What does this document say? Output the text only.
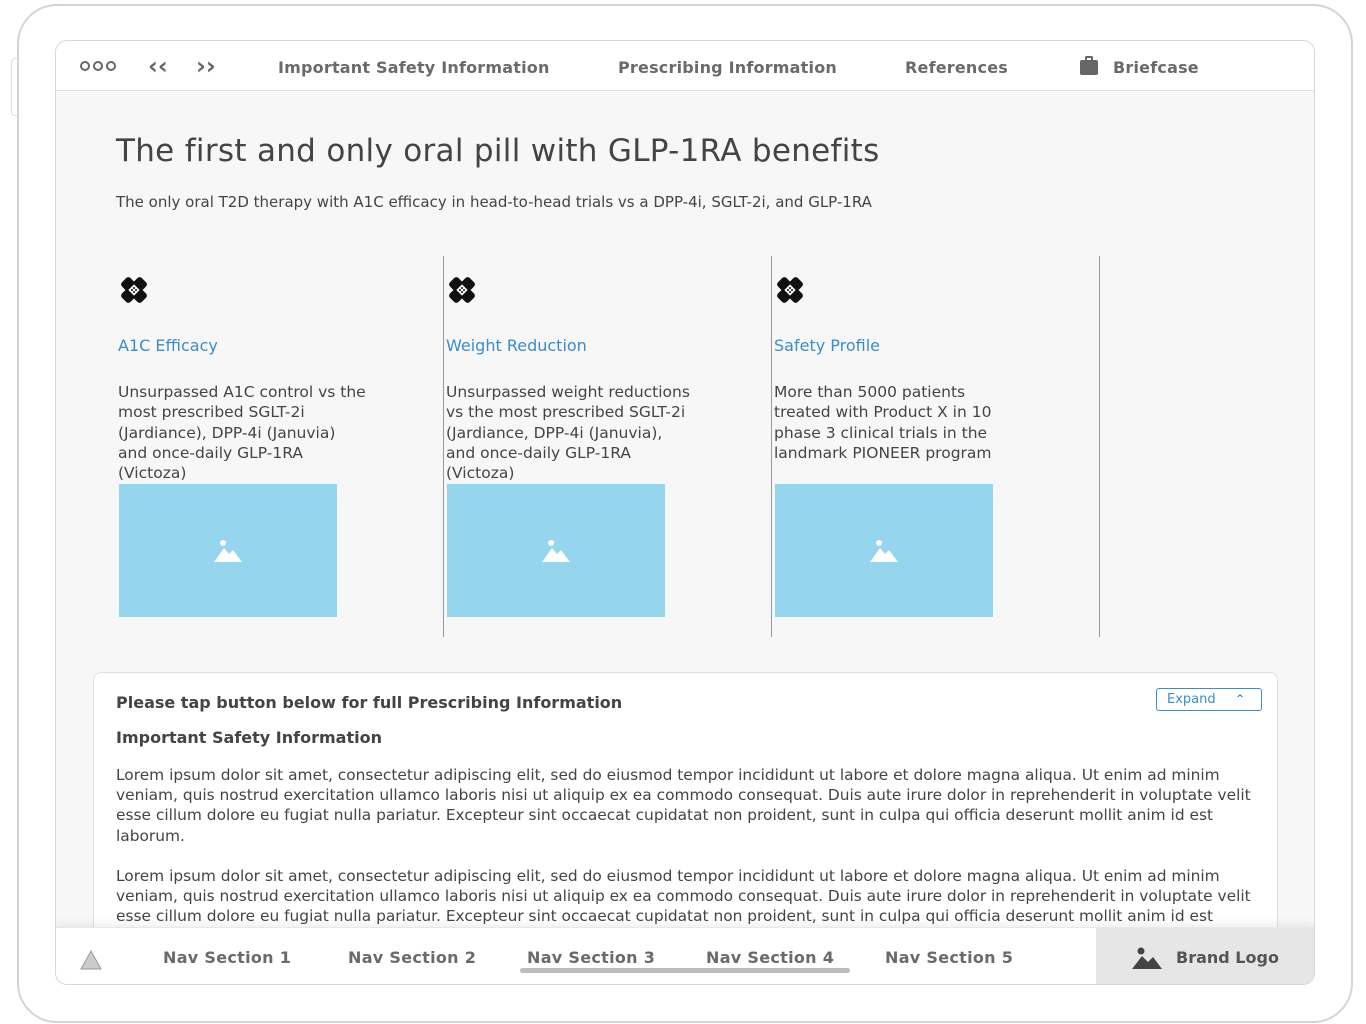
‹‹ ››	Important Safety Information	Prescribing Information	References	Briefcase
The first and only oral pill with GLP-1RA benefits

The only oral T2D therapy with A1C efficacy in head-to-head trials vs a DPP-4i, SGLT-2i, and GLP-1RA

A1C Efficacy
Unsurpassed A1C control vs the most prescribed SGLT-2i (Jardiance), DPP-4i (Januvia) and once-daily GLP-1RA (Victoza)
Weight Reduction
Unsurpassed weight reductions vs the most prescribed SGLT-2i (Jardiance, DPP-4i (Januvia), and once-daily GLP-1RA (Victoza)
Safety Profile
More than 5000 patients treated with Product X in 10 phase 3 clinical trials in the landmark PIONEER program
Please tap button below for full Prescribing Information	Expand ⌃
Important Safety Information

Lorem ipsum dolor sit amet, consectetur adipiscing elit, sed do eiusmod tempor incididunt ut labore et dolore magna aliqua. Ut enim ad minim veniam, quis nostrud exercitation ullamco laboris nisi ut aliquip ex ea commodo consequat. Duis aute irure dolor in reprehenderit in voluptate velit esse cillum dolore eu fugiat nulla pariatur. Excepteur sint occaecat cupidatat non proident, sunt in culpa qui officia deserunt mollit anim id est laborum.

Lorem ipsum dolor sit amet, consectetur adipiscing elit, sed do eiusmod tempor incididunt ut labore et dolore magna aliqua. Ut enim ad minim veniam, quis nostrud exercitation ullamco laboris nisi ut aliquip ex ea commodo consequat. Duis aute irure dolor in reprehenderit in voluptate velit esse cillum dolore eu fugiat nulla pariatur. Excepteur sint occaecat cupidatat non proident, sunt in culpa qui officia deserunt mollit anim id est

Nav Section 1	Nav Section 2	Nav Section 3	Nav Section 4	Nav Section 5	Brand Logo
